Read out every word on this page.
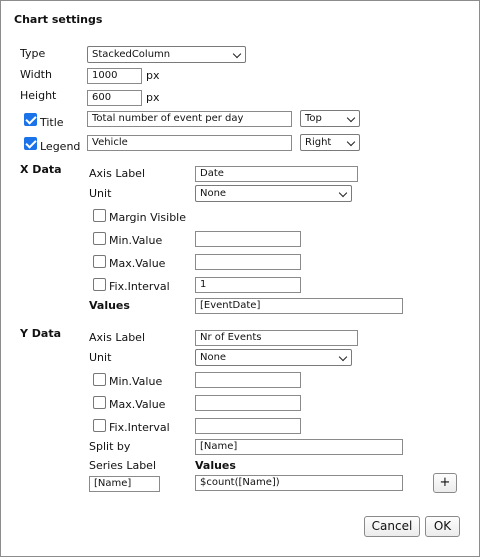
Chart settings
Type	StackedColumn
Width	1000	px
Height	600	px
Title	Total number of event per day	Top
Legend	Vehicle	Right
X Data Axis Label	Date
Unit	None
Margin Visible
Min.Value
Max.Value
Fix.Interval	1
Values	[EventDate]
Y Data	Axis Label	Nr of Events
Unit	None
Min.Value
Max.Value
Fix.Interval
Split by	[Name]
Series Label	Values
[Name]	$count([Name])	+
Cancel	OK
